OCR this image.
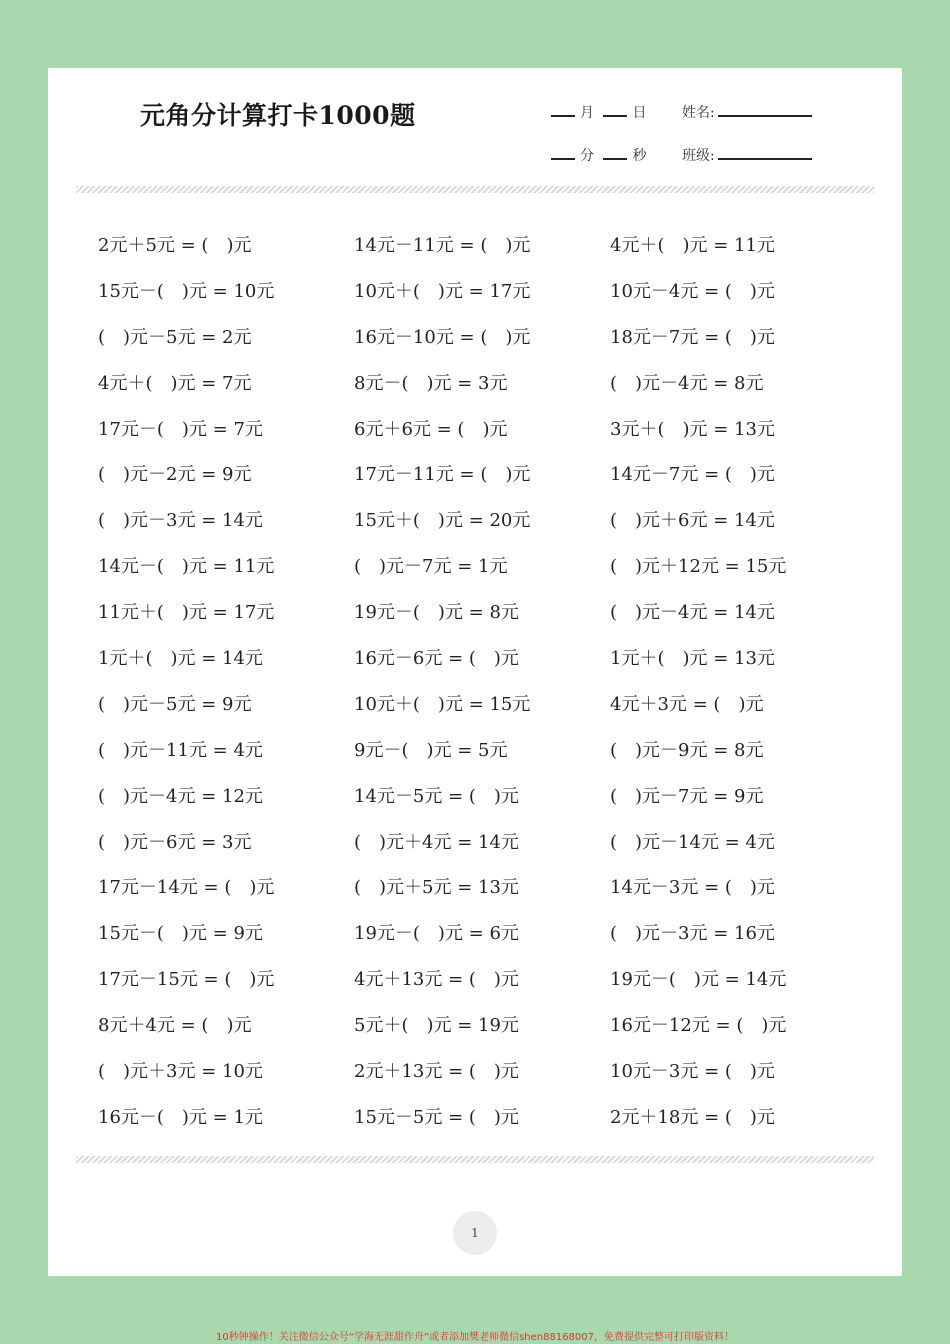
元角分计算打卡1000题	月	日	姓名:
分	秒	班级:
2元＋5元 = (　)元	14元－11元 = (　)元	4元＋(　)元 = 11元
15元－(　)元 = 10元	10元＋(　)元 = 17元	10元－4元 = (　)元
(　)元－5元 = 2元	16元－10元 = (　)元	18元－7元 = (　)元
4元＋(　)元 = 7元	8元－(　)元 = 3元	(　)元－4元 = 8元
17元－(　)元 = 7元	6元＋6元 = (　)元	3元＋(　)元 = 13元
(　)元－2元 = 9元	17元－11元 = (　)元	14元－7元 = (　)元
(　)元－3元 = 14元	15元＋(　)元 = 20元	(　)元＋6元 = 14元
14元－(　)元 = 11元	(　)元－7元 = 1元	(　)元＋12元 = 15元
11元＋(　)元 = 17元	19元－(　)元 = 8元	(　)元－4元 = 14元
1元＋(　)元 = 14元	16元－6元 = (　)元	1元＋(　)元 = 13元
(　)元－5元 = 9元	10元＋(　)元 = 15元	4元＋3元 = (　)元
(　)元－11元 = 4元	9元－(　)元 = 5元	(　)元－9元 = 8元
(　)元－4元 = 12元	14元－5元 = (　)元	(　)元－7元 = 9元
(　)元－6元 = 3元	(　)元＋4元 = 14元	(　)元－14元 = 4元
17元－14元 = (　)元	(　)元＋5元 = 13元	14元－3元 = (　)元
15元－(　)元 = 9元	19元－(　)元 = 6元	(　)元－3元 = 16元
17元－15元 = (　)元	4元＋13元 = (　)元	19元－(　)元 = 14元
8元＋4元 = (　)元	5元＋(　)元 = 19元	16元－12元 = (　)元
(　)元＋3元 = 10元	2元＋13元 = (　)元	10元－3元 = (　)元
16元－(　)元 = 1元	15元－5元 = (　)元	2元＋18元 = (　)元
1
10秒钟操作！关注微信公众号“学海无涯甜作舟”或者添加樊老师微信shen88168007，免费提供完整可打印版资料！
